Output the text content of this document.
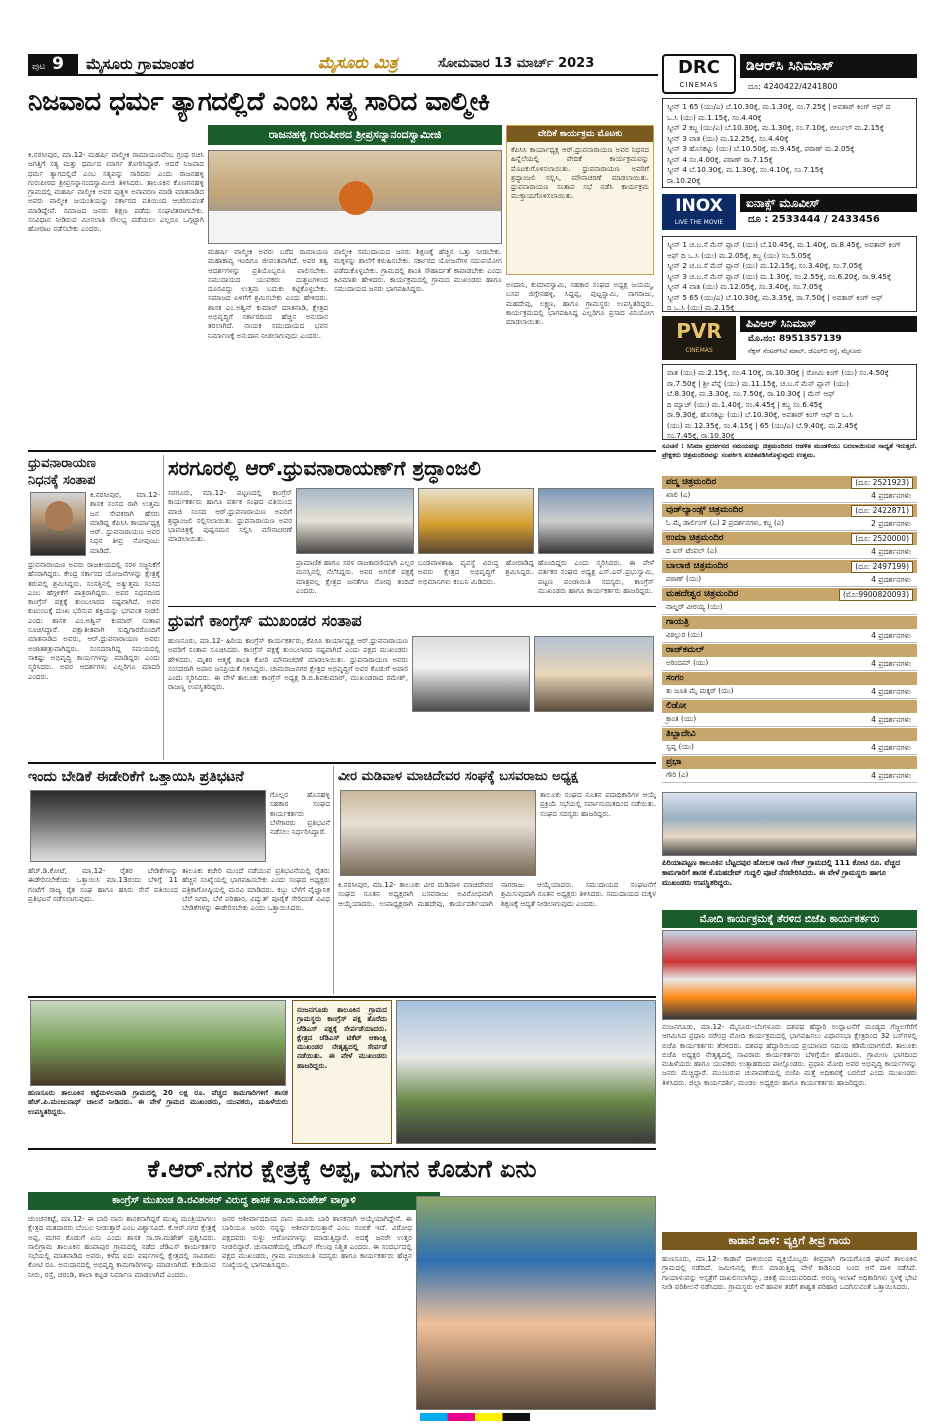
ಪುಟ 9	ಮೈಸೂರು ಗ್ರಾಮಾಂತರ	ಮೈಸೂರು ಮಿತ್ರ	ಸೋಮವಾರ 13 ಮಾರ್ಚ್ 2023
ನಿಜವಾದ ಧರ್ಮ ತ್ಯಾಗದಲ್ಲಿದೆ ಎಂಬ ಸತ್ಯ ಸಾರಿದ ವಾಲ್ಮೀಕಿ
ರಾಜನಹಳ್ಳಿ ಗುರುಪೀಠದ ಶ್ರೀಪ್ರಸನ್ನಾನಂದಸ್ವಾಮೀಜಿ
ಕಿ.ನರಸೀಪುರ, ಮಾ.12- ಮಹರ್ಷಿ ವಾಲ್ಮೀಕಿ ರಾಮಾಯಣವೆಂಬ ಗ್ರಂಥ ರಚಿಸಿ ಜಗತ್ತಿಗೆ ಸತ್ಯ ಮತ್ತು ಧರ್ಮದ ಮಾರ್ಗ ತೋರಿಸಿದ್ದಾರೆ. ಆದರೆ ನಿಜವಾದ ಧರ್ಮ ತ್ಯಾಗದಲ್ಲಿದೆ ಎಂಬ ಸತ್ಯವನ್ನು ಸಾರಿದರು ಎಂದು ರಾಜನಹಳ್ಳಿ ಗುರುಪೀಠದ ಶ್ರೀಪ್ರಸನ್ನಾನಂದಸ್ವಾಮೀಜಿ ತಿಳಿಸಿದರು. ತಾಲೂಕಿನ ಕೊಣಗನಹಳ್ಳಿ ಗ್ರಾಮದಲ್ಲಿ ಮಹರ್ಷಿ ವಾಲ್ಮೀಕಿ ಅವರ ಪುತ್ಥಳಿ ಅನಾವರಣ ಮಾಡಿ ಮಾತನಾಡಿದ ಅವರು ವಾಲ್ಮೀಕಿ ಜಯಂತಿಯನ್ನು ಸರ್ಕಾರದ ವತಿಯಿಂದ ಆಚರಿಸುವಂತೆ ಮಾಡಿದ್ದೇವೆ. ಸಮಾಜದ ಜನರು ಶಿಕ್ಷಣ ಪಡೆದು ಸಂಘಟಿತರಾಗಬೇಕು. ಸಂವಿಧಾನ ನೀಡಿರುವ ಮೀಸಲಾತಿ ಸೌಲಭ್ಯ ಪಡೆಯಲು ಎಲ್ಲರೂ ಒಗ್ಗಟ್ಟಾಗಿ ಹೋರಾಟ ನಡೆಸಬೇಕು ಎಂದರು.
ಮಹರ್ಷಿ ವಾಲ್ಮೀಕಿ ಅವರು ಬರೆದ ರಾಮಾಯಣ ಮಹಾಕಾವ್ಯ ಇಂದಿಗೂ ಜೀವಂತವಾಗಿದೆ. ಅವರ ತತ್ವ ಆದರ್ಶಗಳನ್ನು ಪ್ರತಿಯೊಬ್ಬರೂ ಪಾಲಿಸಬೇಕು. ಸಮುದಾಯದ ಯುವಕರು ದುಶ್ಚಟಗಳಿಂದ ದೂರವಿದ್ದು ಉತ್ತಮ ಬದುಕು ಕಟ್ಟಿಕೊಳ್ಳಬೇಕು. ಸಮಾಜದ ಏಳಿಗೆಗೆ ಶ್ರಮಿಸಬೇಕು ಎಂದು ಹೇಳಿದರು. ಶಾಸಕ ಎಂ.ಅಶ್ವಿನ್ ಕುಮಾರ್ ಮಾತನಾಡಿ, ಕ್ಷೇತ್ರದ ಅಭಿವೃದ್ಧಿಗೆ ಸರ್ಕಾರದಿಂದ ಹೆಚ್ಚಿನ ಅನುದಾನ ತರಲಾಗಿದೆ. ನಾಯಕ ಸಮುದಾಯದ ಭವನ ನಿರ್ಮಾಣಕ್ಕೆ ಅನುದಾನ ನೀಡಲಾಗುವುದು ಎಂದರು.
ವಾಲ್ಮೀಕಿ ಸಮುದಾಯದ ಜನರು ಶಿಕ್ಷಣಕ್ಕೆ ಹೆಚ್ಚಿನ ಒತ್ತು ನೀಡಬೇಕು. ಮಕ್ಕಳನ್ನು ಶಾಲೆಗೆ ಕಳುಹಿಸಬೇಕು. ಸರ್ಕಾರದ ಯೋಜನೆಗಳ ಸದುಪಯೋಗ ಪಡೆದುಕೊಳ್ಳಬೇಕು. ಗ್ರಾಮದಲ್ಲಿ ಶಾಂತಿ ಸೌಹಾರ್ದತೆ ಕಾಪಾಡಬೇಕು ಎಂದು ಕಿವಿಮಾತು ಹೇಳಿದರು. ಕಾರ್ಯಕ್ರಮದಲ್ಲಿ ಗ್ರಾಮದ ಮುಖಂಡರು ಹಾಗೂ ಸಮುದಾಯದ ಜನರು ಭಾಗವಹಿಸಿದ್ದರು.
ವೇದಿಕೆ ಕಾರ್ಯಕ್ರಮ ಮೊಟಕು
ಕೆಪಿಸಿಸಿ ಕಾರ್ಯಾಧ್ಯಕ್ಷ ಆರ್.ಧ್ರುವನಾರಾಯಣ ಅವರ ನಿಧನದ ಹಿನ್ನೆಲೆಯಲ್ಲಿ ವೇದಿಕೆ ಕಾರ್ಯಕ್ರಮವನ್ನು ಮೊಟಕುಗೊಳಿಸಲಾಯಿತು. ಧ್ರುವನಾರಾಯಣ ಅವರಿಗೆ ಶ್ರದ್ಧಾಂಜಲಿ ಸಲ್ಲಿಸಿ, ಮೌನಾಚರಣೆ ಮಾಡಲಾಯಿತು. ಧ್ರುವನಾರಾಯಣ ಸಂತಾಪ ಸಭೆ ನಡೆಸಿ ಕಾರ್ಯಕ್ರಮ ಮುಕ್ತಾಯಗೊಳಿಸಲಾಯಿತು.
ಅಂದಾನಿ, ಕುಮಾರಸ್ವಾಮಿ, ಸಹಕಾರ ಸಂಘದ ಅಧ್ಯಕ್ಷ ಜಯಮ್ಮ, ಬಸವ ಜಿಗ್ಗೇನಹಳ್ಳಿ, ಸಿದ್ದಪ್ಪ, ಪುಟ್ಟಸ್ವಾಮಿ, ನಾಗರಾಜು, ಮಹದೇವು, ಲಕ್ಷ್ಮಣ, ಹಾಗೂ ಗ್ರಾಮಸ್ಥರು ಉಪಸ್ಥಿತರಿದ್ದರು. ಕಾರ್ಯಕ್ರಮದಲ್ಲಿ ಭಾಗವಹಿಸಿದ್ದ ಎಲ್ಲರಿಗೂ ಪ್ರಸಾದ ವಿನಿಯೋಗ ಮಾಡಲಾಯಿತು.
ಧ್ರುವನಾರಾಯಣ
ನಿಧನಕ್ಕೆ ಸಂತಾಪ
ಕಿ.ನರಸೀಪುರ, ಮಾ.12- ಶಾಸಕ ಸಂಸದ ರಾಗಿ ಉತ್ತಮ ಜನ ಸೇವಕರಾಗಿ ಹೆಸರು ಮಾಡಿದ್ದ ಕೆಪಿಸಿಸಿ ಕಾರ್ಯಾಧ್ಯಕ್ಷ ಆರ್. ಧ್ರುವನಾರಾಯಣ ಅವರ ನಿಧನ ತೀವ್ರ ನೋವುಂಟು ಮಾಡಿದೆ.
ಧ್ರುವನಾರಾಯಣ ಅವರು ರಾಜಕೀಯದಲ್ಲಿ ಸರಳ ಸಜ್ಜನಿಕೆಗೆ ಹೆಸರಾಗಿದ್ದರು. ಕೇಂದ್ರ ಸರ್ಕಾರದ ಯೋಜನೆಗಳನ್ನು ಕ್ಷೇತ್ರಕ್ಕೆ ತರುವಲ್ಲಿ ಶ್ರಮಿಸಿದ್ದರು. ಸಂಸತ್ತಿನಲ್ಲಿ ಅತ್ಯುತ್ತಮ ಸಂಸದ ಎಂಬ ಹೆಗ್ಗಳಿಕೆಗೆ ಪಾತ್ರರಾಗಿದ್ದರು. ಅವರ ನಿಧನದಿಂದ ಕಾಂಗ್ರೆಸ್ ಪಕ್ಷಕ್ಕೆ ತುಂಬಲಾರದ ನಷ್ಟವಾಗಿದೆ. ಅವರ ಕುಟುಂಬಕ್ಕೆ ದುಃಖ ಭರಿಸುವ ಶಕ್ತಿಯನ್ನು ಭಗವಂತ ನೀಡಲಿ ಎಂದು ಶಾಸಕ ಎಂ.ಅಶ್ವಿನ್ ಕುಮಾರ್ ಸಂತಾಪ ಸೂಚಿಸಿದ್ದಾರೆ. ಪಕ್ಷಾತೀತವಾಗಿ ಸುದ್ದಿಗಾರರೊಂದಿಗೆ ಮಾತನಾಡಿದ ಅವರು, ಆರ್.ಧ್ರುವನಾರಾಯಣ ಅವರು ಅಜಾತಶತ್ರುವಾಗಿದ್ದರು. ಸಂಸದರಾಗಿದ್ದ ಸಮಯದಲ್ಲಿ ಸಾಕಷ್ಟು ಅಭಿವೃದ್ಧಿ ಕಾರ್ಯಗಳನ್ನು ಮಾಡಿದ್ದರು ಎಂದು ಸ್ಮರಿಸಿದರು. ಅವರ ಆದರ್ಶಗಳು ಎಲ್ಲರಿಗೂ ಮಾದರಿ ಎಂದರು.
ಸರಗೂರಲ್ಲಿ ಆರ್.ಧ್ರುವನಾರಾಯಣ್‌ಗೆ ಶ್ರದ್ಧಾಂಜಲಿ
ಸರಗೂರು, ಮಾ.12- ಪಟ್ಟಣದಲ್ಲಿ ಕಾಂಗ್ರೆಸ್ ಕಾರ್ಯಕರ್ತರು ಹಾಗೂ ವರ್ತಕ ಸಂಘದ ವತಿಯಿಂದ ಮಾಜಿ ಸಂಸದ ಆರ್.ಧ್ರುವನಾರಾಯಣ ಅವರಿಗೆ ಶ್ರದ್ಧಾಂಜಲಿ ಸಲ್ಲಿಸಲಾಯಿತು. ಧ್ರುವನಾರಾಯಣ ಅವರ ಭಾವಚಿತ್ರಕ್ಕೆ ಪುಷ್ಪನಮನ ಸಲ್ಲಿಸಿ ಮೌನಾಚರಣೆ ಮಾಡಲಾಯಿತು.
ಪ್ರಾಮಾಣಿಕ ಹಾಗೂ ಸರಳ ರಾಜಕಾರಣಿಯಾಗಿ ಎಲ್ಲರ ಮನಸ್ಸಿನಲ್ಲಿ ನೆಲೆಸಿದ್ದರು. ಅವರ ಅಗಲಿಕೆ ಪಕ್ಷಕ್ಕೆ ಮಾತ್ರವಲ್ಲ ಕ್ಷೇತ್ರದ ಜನತೆಗೂ ನೋವು ತಂದಿದೆ ಎಂದರು.
ಬಂಡವಾಳಶಾಹಿ ವ್ಯವಸ್ಥೆ ವಿರುದ್ಧ ಹೋರಾಡಿದ್ದ ಅವರು ಕ್ಷೇತ್ರದ ಅಭಿವೃದ್ಧಿಗೆ ಶ್ರಮಿಸಿದ್ದರು. ಅಭಿಮಾನಿಗಳು ಕಂಬನಿ ಮಿಡಿದರು.
ಹೊಂದಿದ್ದರು ಎಂದು ಸ್ಮರಿಸಿದರು. ಈ ವೇಳೆ ವರ್ತಕರ ಸಂಘದ ಅಧ್ಯಕ್ಷ ಎಸ್.ಎನ್.ಪ್ರಭುಸ್ವಾಮಿ, ಪಟ್ಟಣ ಪಂಚಾಯಿತಿ ಸದಸ್ಯರು, ಕಾಂಗ್ರೆಸ್ ಮುಖಂಡರು ಹಾಗೂ ಕಾರ್ಯಕರ್ತರು ಹಾಜರಿದ್ದರು.
ಧ್ರುವಗೆ ಕಾಂಗ್ರೆಸ್ ಮುಖಂಡರ ಸಂತಾಪ
ಹುಣಸೂರು, ಮಾ.12- ಹಿರಿಯ ಕಾಂಗ್ರೆಸ್ ಕಾರ್ಯಕರ್ತರು, ಕೆಪಿಸಿಸಿ ಕಾರ್ಯಾಧ್ಯಕ್ಷ ಆರ್.ಧ್ರುವನಾರಾಯಣ ಅವರಿಗೆ ಸಂತಾಪ ಸೂಚಿಸಿದರು. ಕಾಂಗ್ರೆಸ್ ಪಕ್ಷಕ್ಕೆ ತುಂಬಲಾರದ ನಷ್ಟವಾಗಿದೆ ಎಂದು ಪಕ್ಷದ ಮುಖಂಡರು ಹೇಳಿದರು. ಮೃತರ ಆತ್ಮಕ್ಕೆ ಶಾಂತಿ ಕೋರಿ ಮೌನಾಚರಣೆ ಮಾಡಲಾಯಿತು. ಧ್ರುವನಾರಾಯಣ ಅವರು ಸಂಸದರಾಗಿ ಅಪಾರ ಜನಪ್ರಿಯತೆ ಗಳಿಸಿದ್ದರು. ಚಾಮರಾಜನಗರ ಕ್ಷೇತ್ರದ ಅಭಿವೃದ್ಧಿಗೆ ಅವರ ಕೊಡುಗೆ ಅಪಾರ ಎಂದು ಸ್ಮರಿಸಿದರು. ಈ ವೇಳೆ ತಾಲೂಕು ಕಾಂಗ್ರೆಸ್ ಅಧ್ಯಕ್ಷ ಡಿ.ಬಿ.ಶಿವಕುಮಾರ್, ಮುಖಂಡರಾದ ರಮೇಶ್, ರಾಜಣ್ಣ ಉಪಸ್ಥಿತರಿದ್ದರು.
ಇಂದು ಬೇಡಿಕೆ ಈಡೇರಿಕೆಗೆ ಒತ್ತಾಯಿಸಿ ಪ್ರತಿಭಟನೆ
ಗೊಲ್ಲರ ಹೊಸಹಳ್ಳಿ ಸಹಕಾರ ಸಂಘದ ಕಾರ್ಯಕರ್ತರು ಬೆಳೆಗಾರರು ಪ್ರತಿಭಟನೆ ನಡೆಸಲು ನಿರ್ಧರಿಸಿದ್ದಾರೆ.
ಹೆಚ್.ಡಿ.ಕೋಟೆ, ಮಾ.12- ರೈತರ ಬೇಡಿಕೆಗಳನ್ನು ಈಡೇರಿಸಬೇಕೆಂದು ಒತ್ತಾಯಿಸಿ ಮಾ.13ರಂದು ಬೆಳಿಗ್ಗೆ 11 ಗಂಟೆಗೆ ರಾಜ್ಯ ರೈತ ಸಂಘ ಹಾಗೂ ಹಸಿರು ಸೇನೆ ವತಿಯಿಂದ ಪ್ರತಿಭಟನೆ ನಡೆಸಲಾಗುವುದು.
ತಾಲೂಕು ಕಚೇರಿ ಮುಂದೆ ನಡೆಯುವ ಪ್ರತಿಭಟನೆಯಲ್ಲಿ ರೈತರು ಹೆಚ್ಚಿನ ಸಂಖ್ಯೆಯಲ್ಲಿ ಭಾಗವಹಿಸಬೇಕು ಎಂದು ಸಂಘದ ಅಧ್ಯಕ್ಷರು ಪತ್ರಿಕಾಗೋಷ್ಠಿಯಲ್ಲಿ ಮನವಿ ಮಾಡಿದರು. ಕಬ್ಬು ಬೆಳೆಗೆ ವೈಜ್ಞಾನಿಕ ಬೆಲೆ ನಿಗದಿ, ಬೆಳೆ ಪರಿಹಾರ, ವಿದ್ಯುತ್ ಪೂರೈಕೆ ಸೇರಿದಂತೆ ವಿವಿಧ ಬೇಡಿಕೆಗಳನ್ನು ಈಡೇರಿಸಬೇಕು ಎಂದು ಒತ್ತಾಯಿಸಿದರು.
ವೀರ ಮಡಿವಾಳ ಮಾಚಿದೇವರ ಸಂಘಕ್ಕೆ ಬಸವರಾಜು ಅಧ್ಯಕ್ಷ
ತಾಲೂಕು ಸಂಘದ ನೂತನ ಪದಾಧಿಕಾರಿಗಳ ಆಯ್ಕೆ ಪ್ರಕ್ರಿಯೆ ಸಭೆಯಲ್ಲಿ ಸರ್ವಾನುಮತದಿಂದ ನಡೆಯಿತು. ಸಂಘದ ಸದಸ್ಯರು ಹಾಜರಿದ್ದರು.
ಕಿ.ನರಸೀಪುರ, ಮಾ.12- ತಾಲೂಕು ವೀರ ಮಡಿವಾಳ ಮಾಚಿದೇವರ ಸಂಘದ ನೂತನ ಅಧ್ಯಕ್ಷರಾಗಿ ಬಸವರಾಜು ಅವಿರೋಧವಾಗಿ ಆಯ್ಕೆಯಾದರು. ಉಪಾಧ್ಯಕ್ಷರಾಗಿ ಮಹದೇವು, ಕಾರ್ಯದರ್ಶಿಯಾಗಿ ನಾಗರಾಜು ಆಯ್ಕೆಯಾದರು. ಸಮುದಾಯದ ಸಂಘಟನೆಗೆ ಶ್ರಮಿಸುವುದಾಗಿ ನೂತನ ಅಧ್ಯಕ್ಷರು ತಿಳಿಸಿದರು. ಸಮುದಾಯದ ಮಕ್ಕಳ ಶಿಕ್ಷಣಕ್ಕೆ ಆದ್ಯತೆ ನೀಡಲಾಗುವುದು ಎಂದರು.
ಹುಣಸೂರು ತಾಲೂಕಿನ ಕಟ್ಟೆಮಳಲವಾಡಿ ಗ್ರಾಮದಲ್ಲಿ 20 ಲಕ್ಷ ರೂ. ವೆಚ್ಚದ ಕಾಮಗಾರಿಗಳಿಗೆ ಶಾಸಕ ಹೆಚ್.ಪಿ.ಮಂಜುನಾಥ್ ಚಾಲನೆ ನೀಡಿದರು. ಈ ವೇಳೆ ಗ್ರಾಮದ ಮುಖಂಡರು, ಯುವಕರು, ಮಹಿಳೆಯರು ಉಪಸ್ಥಿತರಿದ್ದರು.
ನಂಜನಗೂಡು ತಾಲೂಕಿನ ಗ್ರಾಮದ ಗ್ರಾಮಸ್ಥರು ಕಾಂಗ್ರೆಸ್ ಪಕ್ಷ ತೊರೆದು ಜೆಡಿಎಸ್ ಪಕ್ಷಕ್ಕೆ ಸೇರ್ಪಡೆಯಾದರು. ಕ್ಷೇತ್ರದ ಜೆಡಿಎಸ್ ಟಿಕೆಟ್ ಆಕಾಂಕ್ಷಿ ಮುಖಂಡರ ನೇತೃತ್ವದಲ್ಲಿ ಸೇರ್ಪಡೆ ನಡೆಯಿತು. ಈ ವೇಳೆ ಮುಖಂಡರು ಹಾಜರಿದ್ದರು.
ಕೆ.ಆರ್.ನಗರ ಕ್ಷೇತ್ರಕ್ಕೆ ಅಪ್ಪ, ಮಗನ ಕೊಡುಗೆ ಏನು
ಕಾಂಗ್ರೆಸ್ ಮುಖಂಡ ಡಿ.ರವಿಶಂಕರ್ ವಿರುದ್ಧ ಶಾಸಕ ಸಾ.ರಾ.ಮಹೇಶ್ ವಾಗ್ದಾಳಿ
ಚುಂಚನಕಟ್ಟೆ, ಮಾ.12- ಈ ಬಾರಿ ನಾನು ಶಾಸಕನಾಗಿದ್ದರೆ ಮುಖ್ಯ ಮಂತ್ರಿಯಾಗಲು ಕ್ಷೇತ್ರದ ಮತದಾರರು ಬೆಂಬಲ ನೀಡುತ್ತಾರೆ ಎಂಬ ವಿಶ್ವಾಸವಿದೆ. ಕೆ.ಆರ್.ನಗರ ಕ್ಷೇತ್ರಕ್ಕೆ ಅಪ್ಪ, ಮಗನ ಕೊಡುಗೆ ಏನು ಎಂದು ಶಾಸಕ ಸಾ.ರಾ.ಮಹೇಶ್ ಪ್ರಶ್ನಿಸಿದರು. ಸಾಲಿಗ್ರಾಮ ತಾಲೂಕಿನ ಹಂಪಾಪುರ ಗ್ರಾಮದಲ್ಲಿ ನಡೆದ ಜೆಡಿಎಸ್ ಕಾರ್ಯಕರ್ತರ ಸಭೆಯಲ್ಲಿ ಮಾತನಾಡಿದ ಅವರು, ಕಳೆದ ಐದು ವರ್ಷಗಳಲ್ಲಿ ಕ್ಷೇತ್ರದಲ್ಲಿ ಸಾವಿರಾರು ಕೋಟಿ ರೂ. ಅನುದಾನದಲ್ಲಿ ಅಭಿವೃದ್ಧಿ ಕಾಮಗಾರಿಗಳನ್ನು ಮಾಡಲಾಗಿದೆ. ಕುಡಿಯುವ ನೀರು, ರಸ್ತೆ, ಚರಂಡಿ, ಶಾಲಾ ಕಟ್ಟಡ ನಿರ್ಮಾಣ ಮಾಡಲಾಗಿದೆ ಎಂದರು.
ಜನರ ಆಶೀರ್ವಾದದಿಂದ ನಾನು ಮೂರು ಬಾರಿ ಶಾಸಕನಾಗಿ ಆಯ್ಕೆಯಾಗಿದ್ದೇನೆ. ಈ ಬಾರಿಯೂ ಜನರು ನನ್ನನ್ನು ಆಶೀರ್ವದಿಸುತ್ತಾರೆ ಎಂಬ ನಂಬಿಕೆ ಇದೆ. ವಿರೋಧ ಪಕ್ಷದವರು ಸುಳ್ಳು ಆರೋಪಗಳನ್ನು ಮಾಡುತ್ತಿದ್ದಾರೆ. ಅದಕ್ಕೆ ಜನರೇ ಉತ್ತರ ನೀಡಲಿದ್ದಾರೆ. ಚುನಾವಣೆಯಲ್ಲಿ ಜೆಡಿಎಸ್ ಗೆಲುವು ನಿಶ್ಚಿತ ಎಂದರು. ಈ ಸಂದರ್ಭದಲ್ಲಿ ಪಕ್ಷದ ಮುಖಂಡರು, ಗ್ರಾಮ ಪಂಚಾಯಿತಿ ಸದಸ್ಯರು ಹಾಗೂ ಕಾರ್ಯಕರ್ತರು ಹೆಚ್ಚಿನ ಸಂಖ್ಯೆಯಲ್ಲಿ ಭಾಗವಹಿಸಿದ್ದರು.
DRC
CINEMAS
ಡಿಆರ್‌ಸಿ ಸಿನಿಮಾಸ್
ದೂ: 4240422/4241800
ಸ್ಕ್ರೀನ್ 1 65 (ಯು/ಎ) ಬೆ.10.30ಕ್ಕೆ, ಮ.1.30ಕ್ಕೆ, ಸಂ.7.25ಕ್ಕೆ | ಅವತಾರ್ ಕಿಂಗ್ ಆಫ್ ದ
ಒ.ಸಿ (ಯು) ಮ.1.15ಕ್ಕೆ, ಸಂ.4.40ಕ್ಕೆ
ಸ್ಕ್ರೀನ್ 2 ಕಬ್ಜ (ಯು/ಎ) ಬೆ.10.30ಕ್ಕೆ, ಮ.1.30ಕ್ಕೆ, ಸಂ.7.10ಕ್ಕೆ, ಬೀರ್ಬಲ್ ಮ.2.15ಕ್ಕೆ
ಸ್ಕ್ರೀನ್ 3 ವಾತ (ಯು) ಮ.12.25ಕ್ಕೆ, ಸಂ.4.40ಕ್ಕೆ
ಸ್ಕ್ರೀನ್ 3 ಹೊಸಕಟ್ಟು (ಯು) ಬೆ.10.50ಕ್ಕೆ, ಮ.9.45ಕ್ಕೆ, ಪಠಾಣ್ ಮ.2.05ಕ್ಕೆ
ಸ್ಕ್ರೀನ್ 4 ಸಂ.4.00ಕ್ಕೆ, ಪಠಾಣ್ ರಾ.7.15ಕ್ಕೆ
ಸ್ಕ್ರೀನ್ 4 ಬೆ.10.30ಕ್ಕೆ, ಮ.1.30ಕ್ಕೆ, ಸಂ.4.10ಕ್ಕೆ, ಸಂ.7.15ಕ್ಕೆ
ರಾ.10.20ಕ್ಕೆ
INOX
LIVE THE MOVIE
ಐನಾಕ್ಸ್ ಮೂವೀಸ್
ದೂ : 2533444 / 2433456
ಸ್ಕ್ರೀನ್ 1 ಚ.ಬ.ಸೆ ಮೆನ್ ಪ್ಲಾನ್ (ಯು) ಬೆ.10.45ಕ್ಕೆ, ಮ.1.40ಕ್ಕೆ, ರಾ.8.45ಕ್ಕೆ, ಅವತಾರ್ ಕಿಂಗ್
ಆಫ್ ದಿ ಒ.ಸಿ (ಯು) ಮ.2.05ಕ್ಕೆ, ಕಬ್ಜ (ಯು) ಸಂ.5.05ಕ್ಕೆ
ಸ್ಕ್ರೀನ್ 2 ಚ.ಬ.ಸೆ ಮೆನ್ ಪ್ಲಾನ್ (ಯು) ಮ.12.15ಕ್ಕೆ, ಸಂ.3.40ಕ್ಕೆ, ಸಂ.7.05ಕ್ಕೆ
ಸ್ಕ್ರೀನ್ 3 ಚ.ಬ.ಸೆ ಮೆನ್ ಪ್ಲಾನ್ (ಯು) ಮ.1.30ಕ್ಕೆ, ಸಂ.2.55ಕ್ಕೆ, ಸಂ.6.20ಕ್ಕೆ, ರಾ.9.45ಕ್ಕೆ
ಸ್ಕ್ರೀನ್ 4 ವಾತ (ಯು) ಮ.12.05ಕ್ಕೆ, ಸಂ.3.40ಕ್ಕೆ, ಸಂ.7.05ಕ್ಕೆ
ಸ್ಕ್ರೀನ್ 5 65 (ಯು/ಎ) ಬೆ.10.30ಕ್ಕೆ, ಮ.3.35ಕ್ಕೆ, ರಾ.7.50ಕ್ಕೆ | ಅವತಾರ್ ಕಿಂಗ್ ಆಫ್
ದಿ ಒ.ಸಿ (ಯು) ಮ.2.15ಕ್ಕೆ
PVR
CINEMAS
ಪಿವಿಆರ್ ಸಿನಿಮಾಸ್
ಮೊ.ನಂ: 8951357139
ನೆಕ್ಸಸ್ ಸೆಂಟರ್‌ಸಿಟಿ ಮಾಲ್, ಜೆಎಲ್‌ಬಿ ರಸ್ತೆ, ಮೈಸೂರು
ವಾತ (ಯು) ಮ.2.15ಕ್ಕೆ, ಸಂ.4.10ಕ್ಕೆ, ರಾ.10.30ಕ್ಕೆ | ರೋಮಿ ಕಿಂಗ್ (ಯು) ಸಂ.4.50ಕ್ಕೆ
ರಾ.7.50ಕ್ಕೆ | ಶ್ರೀ ಪೆನ್ನೆ (ಯು) ಮ.11.15ಕ್ಕೆ, ಚ.ಬ.ಸೆ ಮೆನ್ ಪ್ಲಾನ್ (ಯು)
ಬೆ.8.30ಕ್ಕೆ, ಮ.3.30ಕ್ಕೆ, ಸಂ.7.50ಕ್ಕೆ, ರಾ.10.30ಕ್ಕೆ | ಮೆನ್ ಆಫ್
ದಿ ಮ್ಯಾಚ್ (ಯು) ಮ.1.40ಕ್ಕೆ, ಸಂ.4.45ಕ್ಕೆ | ಕಬ್ಜ ಸಂ.6.45ಕ್ಕೆ
ರಾ.9.30ಕ್ಕೆ, ಹೊಸಕಟ್ಟು (ಯು) ಬೆ.10.30ಕ್ಕೆ, ಅವತಾರ್ ಕಿಂಗ್ ಆಫ್ ದಿ ಒ.ಸಿ
(ಯು) ಮ.12.35ಕ್ಕೆ, ಸಂ.4.15ಕ್ಕೆ | 65 (ಯು/ಎ) ಬೆ.9.40ಕ್ಕೆ, ಮ.2.45ಕ್ಕೆ
ಸಂ.7.45ಕ್ಕೆ, ರಾ.10.30ಕ್ಕೆ
ಸೂಚನೆ : ಸಿನಿಮಾ ಪ್ರದರ್ಶನದ ಸಮಯವನ್ನು ಚಿತ್ರಮಂದಿರದ ಆಡಳಿತ ಮಂಡಳಿಯು ಬದಲಾಯಿಸುವ ಸಾಧ್ಯತೆ ಇರುತ್ತದೆ. ಪ್ರೇಕ್ಷಕರು ಚಿತ್ರಮಂದಿರವನ್ನು ಸಂಪರ್ಕಿಸಿ ಖಚಿತಪಡಿಸಿಕೊಳ್ಳುವುದು ಉತ್ತಮ.
ಪದ್ಮ ಚಿತ್ರಮಂದಿರ	(ದೂ: 2521923)
ಖಾಲಿ (ಎ)	4 ಪ್ರದರ್ಶನಗಳು
ವುಡ್‌ಲ್ಯಾಂಡ್ಸ್ ಚಿತ್ರಮಂದಿರ	(ದೂ: 2422871)
ಓ ಮೈ ಡಾರ್ಲಿಂಗ್ (ಎ) 2 ಪ್ರದರ್ಶನಗಳು, ಕಬ್ಜ (ಎ)	2 ಪ್ರದರ್ಶನಗಳು
ಉಮಾ ಚಿತ್ರಮಂದಿರ	(ದೂ: 2520000)
ದಿ ಐಸ್ ಟೆಂಪಲ್ (ಎ)	4 ಪ್ರದರ್ಶನಗಳು
ಬಾಲಾಜಿ ಚಿತ್ರಮಂದಿರ	(ದೂ: 2497199)
ಪಠಾಣ್ (ಯು)	4 ಪ್ರದರ್ಶನಗಳು
ಮಹದೇಶ್ವರ ಚಿತ್ರಮಂದಿರ	(ಮೊ:9900820093)
ವಾಲ್ಡರ್ ವೀರಯ್ಯ (ಯು)
ಗಾಯತ್ರಿ
ವಿಠಲ್ಪುರ (ಯು)	4 ಪ್ರದರ್ಶನಗಳು
ರಾಜ್‌ಕಮಲ್
ಅರಿಂದಮ್ (ಯು)	4 ಪ್ರದರ್ಶನಗಳು
ಸಂಗಂ
ತು ಜೂತಿ ಮೈ ಮಕ್ಕರ್ (ಯು)	4 ಪ್ರದರ್ಶನಗಳು
ಲಿಡೋ
ಕ್ರಾಂತಿ (ಯು)	4 ಪ್ರದರ್ಶನಗಳು
ತಿಬ್ಬಾದೇವಿ
ಸ್ವಪ್ನ (ಯು)	4 ಪ್ರದರ್ಶನಗಳು
ಪ್ರಭಾ
ಗೌರಿ (ಎ)	4 ಪ್ರದರ್ಶನಗಳು
ಪಿರಿಯಾಪಟ್ಟಣ ತಾಲೂಕಿನ ಬೆಟ್ಟದಪುರ ಹೋಬಳಿ ರಾಣಿ ಗೇಟ್ ಗ್ರಾಮದಲ್ಲಿ 111 ಕೋಟಿ ರೂ. ವೆಚ್ಚದ ಕಾಮಗಾರಿಗೆ ಶಾಸಕ ಕೆ.ಮಹದೇವ್ ಗುದ್ದಲಿ ಪೂಜೆ ನೆರವೇರಿಸಿದರು. ಈ ವೇಳೆ ಗ್ರಾಮಸ್ಥರು ಹಾಗೂ ಮುಖಂಡರು ಉಪಸ್ಥಿತರಿದ್ದರು.
ಮೋದಿ ಕಾರ್ಯಕ್ರಮಕ್ಕೆ ತೆರಳಿದ ಬಿಜೆಪಿ ಕಾರ್ಯಕರ್ತರು
ನಂಜನಗೂಡು, ಮಾ.12- ಮೈಸೂರು-ಬೆಂಗಳೂರು ದಶಪಥ ಹೆದ್ದಾರಿ ಉದ್ಘಾಟನೆಗೆ ಮಂಡ್ಯದ ಗೆಜ್ಜಲಗೆರೆಗೆ ಆಗಮಿಸಿದ ಪ್ರಧಾನಿ ನರೇಂದ್ರ ಮೋದಿ ಕಾರ್ಯಕ್ರಮದಲ್ಲಿ ಭಾಗವಹಿಸಲು ವಿಧಾನಸಭಾ ಕ್ಷೇತ್ರದಿಂದ 32 ಬಸ್‌ಗಳಲ್ಲಿ ಬಿಜೆಪಿ ಕಾರ್ಯಕರ್ತರು ತೆರಳಿದರು. ದಶಪಥ ಹೆದ್ದಾರಿಯಿಂದ ಪ್ರಯಾಣದ ಸಮಯ ಕಡಿಮೆಯಾಗಲಿದೆ. ತಾಲೂಕು ಬಿಜೆಪಿ ಅಧ್ಯಕ್ಷರ ನೇತೃತ್ವದಲ್ಲಿ ಸಾವಿರಾರು ಕಾರ್ಯಕರ್ತರು ಬೆಳಿಗ್ಗೆಯೇ ಹೊರಟರು. ಗ್ರಾಮೀಣ ಭಾಗದಿಂದ ಮಹಿಳೆಯರು ಹಾಗೂ ಯುವಕರು ಉತ್ಸಾಹದಿಂದ ಪಾಲ್ಗೊಂಡರು. ಪ್ರಧಾನಿ ಮೋದಿ ಅವರ ಅಭಿವೃದ್ಧಿ ಕಾರ್ಯಗಳನ್ನು ಜನರು ಮೆಚ್ಚಿದ್ದಾರೆ. ಮುಂಬರುವ ಚುನಾವಣೆಯಲ್ಲಿ ಬಿಜೆಪಿ ಮತ್ತೆ ಅಧಿಕಾರಕ್ಕೆ ಬರಲಿದೆ ಎಂದು ಮುಖಂಡರು ತಿಳಿಸಿದರು. ಜಿಲ್ಲಾ ಕಾರ್ಯದರ್ಶಿ, ಮಂಡಲ ಅಧ್ಯಕ್ಷರು ಹಾಗೂ ಕಾರ್ಯಕರ್ತರು ಹಾಜರಿದ್ದರು.
ಕಾಡಾನೆ ದಾಳಿ: ವ್ಯಕ್ತಿಗೆ ತೀವ್ರ ಗಾಯ
ಹುಣಸೂರು, ಮಾ.12- ಕಾಡಾನೆ ದಾಳಿಯಿಂದ ವ್ಯಕ್ತಿಯೊಬ್ಬರು ತೀವ್ರವಾಗಿ ಗಾಯಗೊಂಡ ಘಟನೆ ತಾಲೂಕಿನ ಗ್ರಾಮದಲ್ಲಿ ನಡೆದಿದೆ. ಜಮೀನಿನಲ್ಲಿ ಕೆಲಸ ಮಾಡುತ್ತಿದ್ದ ವೇಳೆ ಕಾಡಿನಿಂದ ಬಂದ ಆನೆ ದಾಳಿ ನಡೆಸಿದೆ. ಗಾಯಾಳುವನ್ನು ಆಸ್ಪತ್ರೆಗೆ ದಾಖಲಿಸಲಾಗಿದ್ದು, ಚಿಕಿತ್ಸೆ ಮುಂದುವರಿದಿದೆ. ಅರಣ್ಯ ಇಲಾಖೆ ಅಧಿಕಾರಿಗಳು ಸ್ಥಳಕ್ಕೆ ಭೇಟಿ ನೀಡಿ ಪರಿಶೀಲನೆ ನಡೆಸಿದರು. ಗ್ರಾಮಸ್ಥರು ಆನೆ ಹಾವಳಿ ತಡೆಗೆ ಶಾಶ್ವತ ಪರಿಹಾರ ಒದಗಿಸುವಂತೆ ಒತ್ತಾಯಿಸಿದರು.
